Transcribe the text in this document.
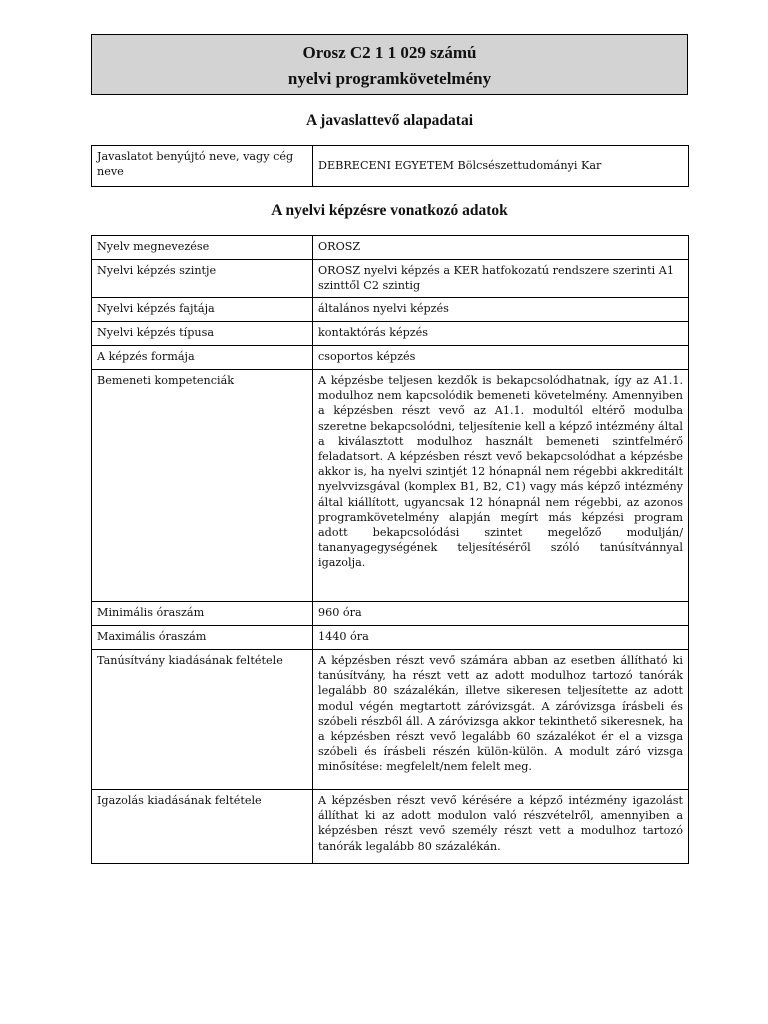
Orosz C2 1 1 029 számú
nyelvi programkövetelmény
A javaslattevő alapadatai
Javaslatot benyújtó neve, vagy cég neve	DEBRECENI EGYETEM Bölcsészettudományi Kar
A nyelvi képzésre vonatkozó adatok
Nyelv megnevezése	OROSZ
Nyelvi képzés szintje	OROSZ nyelvi képzés a KER hatfokozatú rendszere szerinti A1 szinttől C2 szintig
Nyelvi képzés fajtája	általános nyelvi képzés
Nyelvi képzés típusa	kontaktórás képzés
A képzés formája	csoportos képzés
Bemeneti kompetenciák	A képzésbe teljesen kezdők is bekapcsolódhatnak, így az A1.1. modulhoz nem kapcsolódik bemeneti követelmény. Amennyiben a képzésben részt vevő az A1.1. modultól eltérő modulba szeretne bekapcsolódni, teljesítenie kell a képző intézmény által a kiválasztott modulhoz használt bemeneti szintfelmérő feladatsort. A képzésben részt vevő bekapcsolódhat a képzésbe akkor is, ha nyelvi szintjét 12 hónapnál nem régebbi akkreditált nyelvvizsgával (komplex B1, B2, C1) vagy más képző intézmény által kiállított, ugyancsak 12 hónapnál nem régebbi, az azonos programkövetelmény alapján megírt más képzési program adott bekapcsolódási szintet megelőző modulján/ tananyagegységének teljesítéséről szóló tanúsítvánnyal igazolja.
Minimális óraszám	960 óra
Maximális óraszám	1440 óra
Tanúsítvány kiadásának feltétele	A képzésben részt vevő számára abban az esetben állítható ki tanúsítvány, ha részt vett az adott modulhoz tartozó tanórák legalább 80 százalékán, illetve sikeresen teljesítette az adott modul végén megtartott záróvizsgát. A záróvizsga írásbeli és szóbeli részből áll. A záróvizsga akkor tekinthető sikeresnek, ha a képzésben részt vevő legalább 60 százalékot ér el a vizsga szóbeli és írásbeli részén külön-külön. A modult záró vizsga minősítése: megfelelt/nem felelt meg.
Igazolás kiadásának feltétele	A képzésben részt vevő kérésére a képző intézmény igazolást állíthat ki az adott modulon való részvételről, amennyiben a képzésben részt vevő személy részt vett a modulhoz tartozó tanórák legalább 80 százalékán.
